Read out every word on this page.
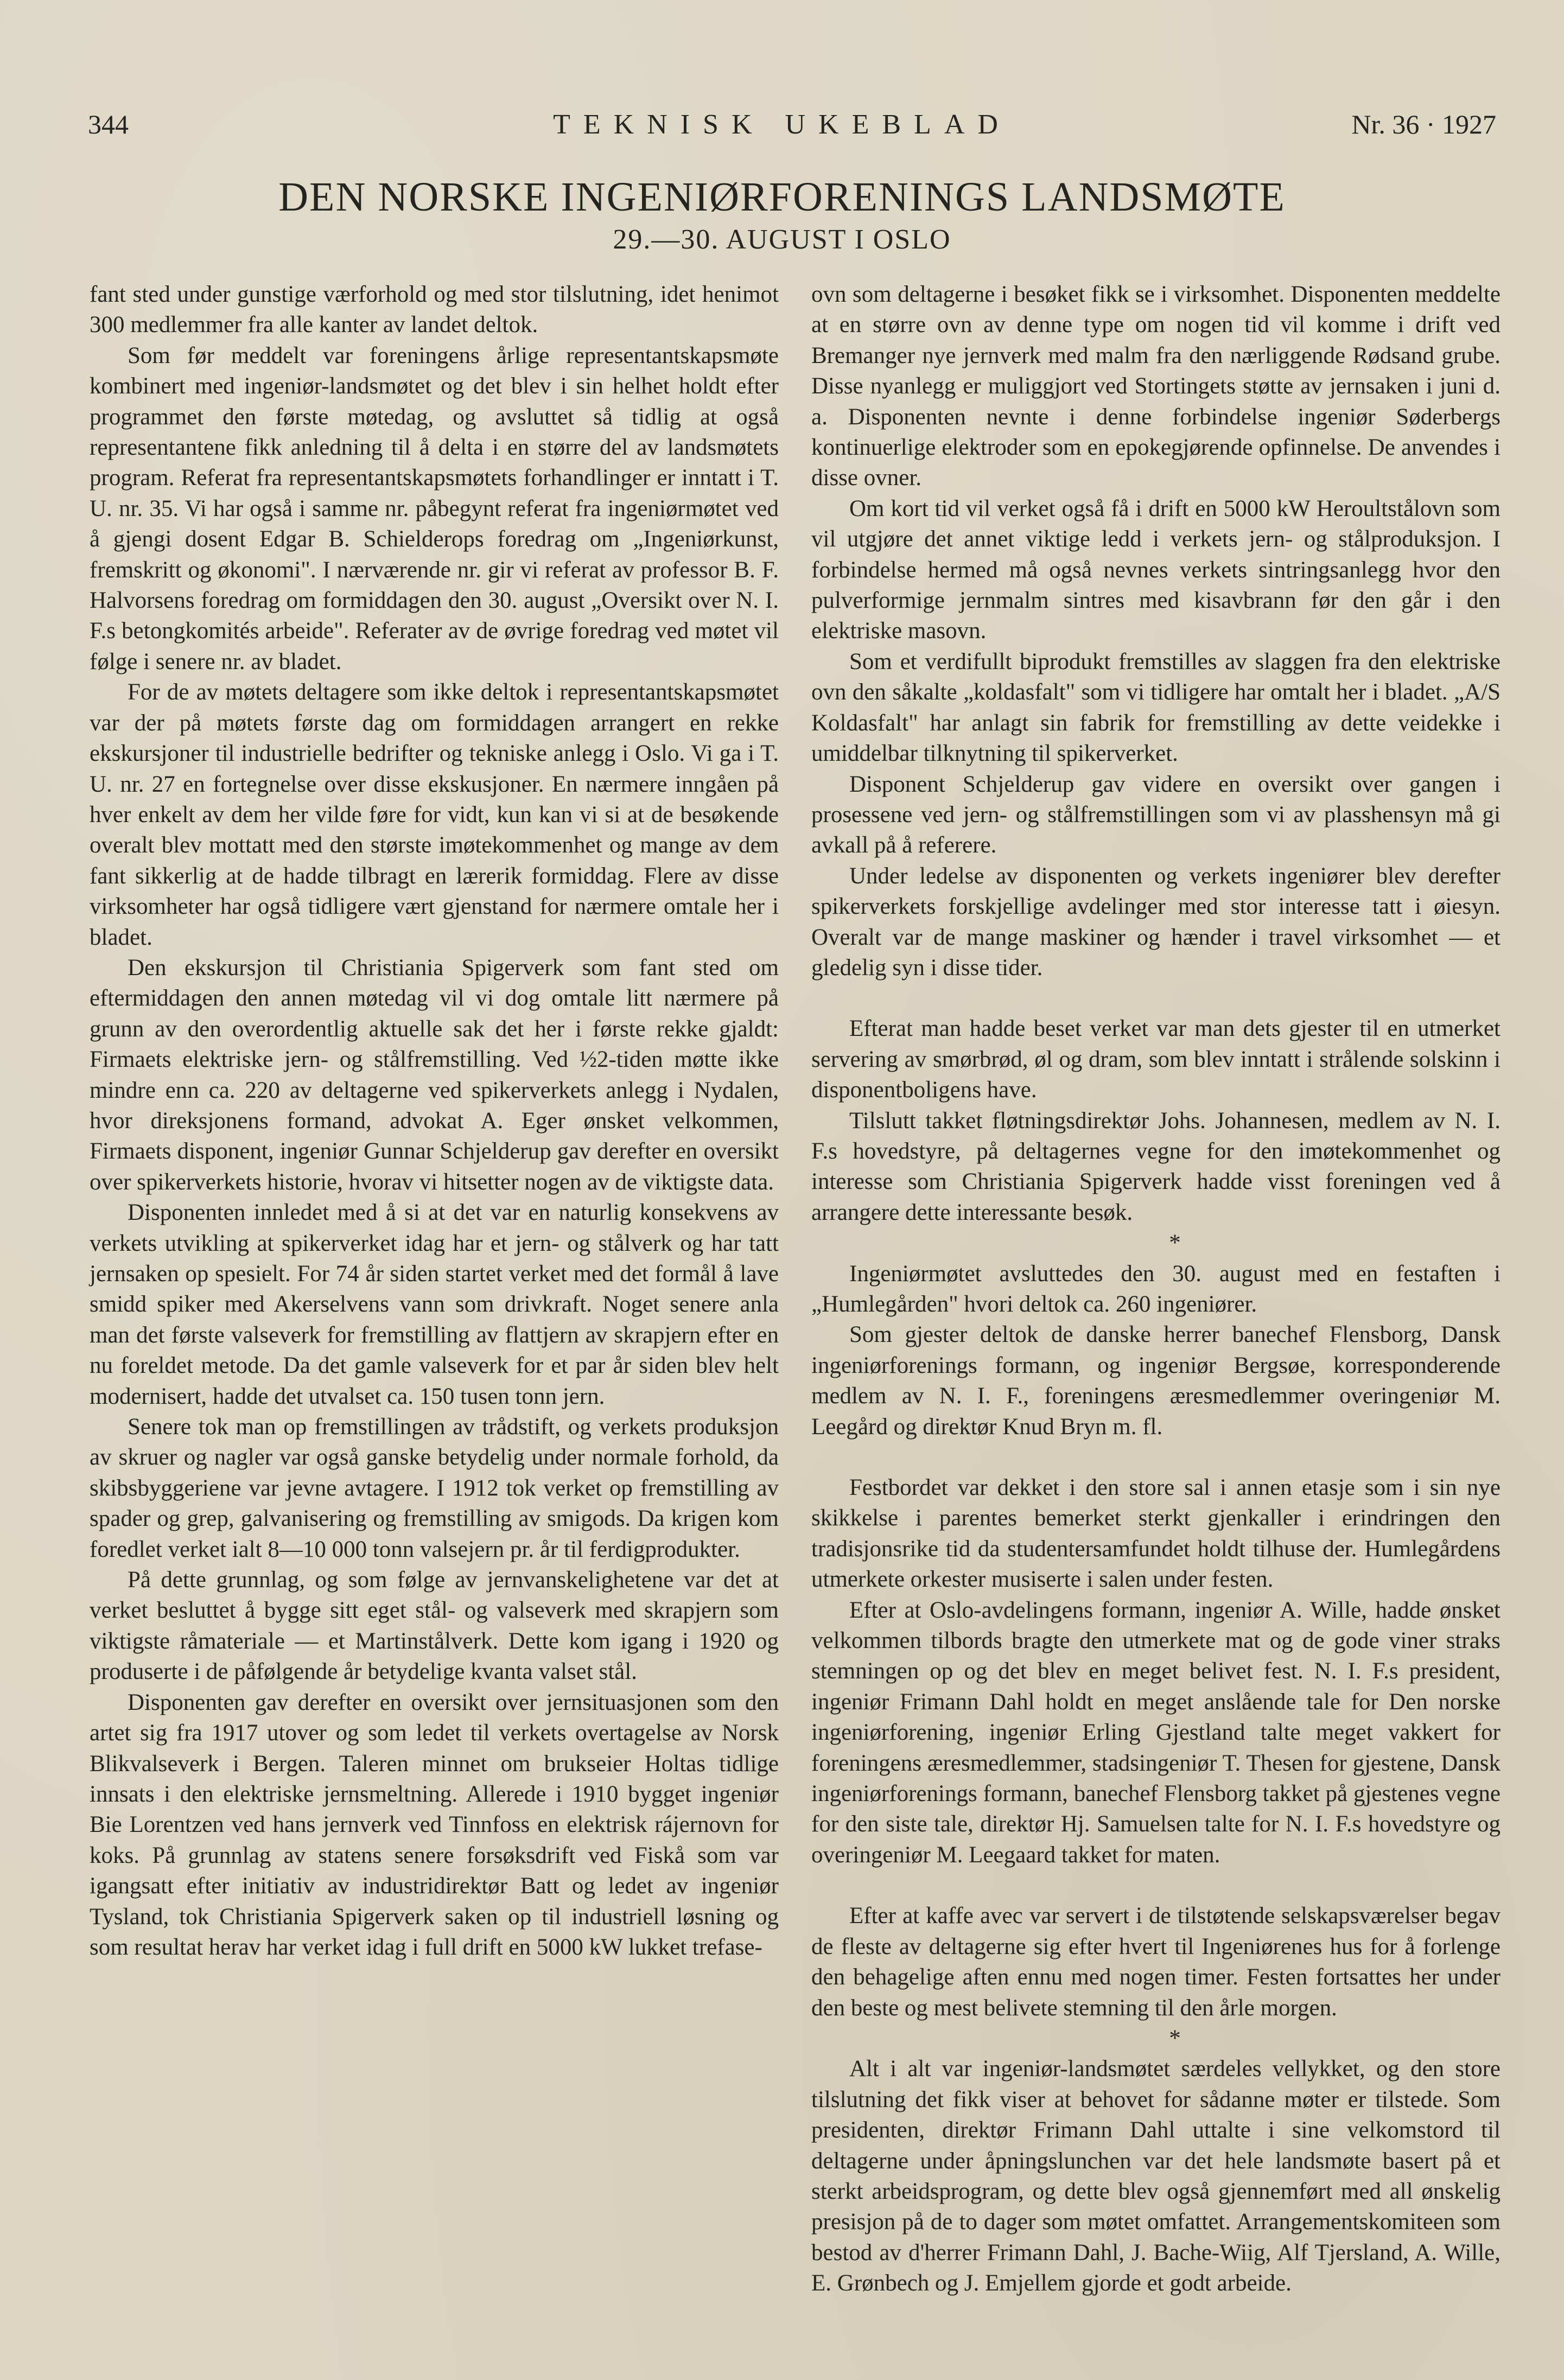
344	TEKNISK UKEBLAD	Nr. 36 · 1927
DEN NORSKE INGENIØRFORENINGS LANDSMØTE
29.—30. AUGUST I OSLO

fant sted under gunstige værforhold og med stor tilslutning, idet henimot 300 medlemmer fra alle kanter av landet deltok.

Som før meddelt var foreningens årlige representantskapsmøte kombinert med ingeniør-landsmøtet og det blev i sin helhet holdt efter programmet den første møtedag, og avsluttet så tidlig at også representantene fikk anledning til å delta i en større del av landsmøtets program. Referat fra representantskapsmøtets forhandlinger er inntatt i T. U. nr. 35. Vi har også i samme nr. påbegynt referat fra ingeniørmøtet ved å gjengi dosent Edgar B. Schielderops foredrag om „Ingeniørkunst, fremskritt og økonomi". I nærværende nr. gir vi referat av professor B. F. Halvorsens foredrag om formiddagen den 30. august „Oversikt over N. I. F.s betongkomités arbeide". Referater av de øvrige foredrag ved møtet vil følge i senere nr. av bladet.

For de av møtets deltagere som ikke deltok i representantskapsmøtet var der på møtets første dag om formiddagen arrangert en rekke ekskursjoner til industrielle bedrifter og tekniske anlegg i Oslo. Vi ga i T. U. nr. 27 en fortegnelse over disse ekskusjoner. En nærmere inngåen på hver enkelt av dem her vilde føre for vidt, kun kan vi si at de besøkende overalt blev mottatt med den største imøtekommenhet og mange av dem fant sikkerlig at de hadde tilbragt en lærerik formiddag. Flere av disse virksomheter har også tidligere vært gjenstand for nærmere omtale her i bladet.

Den ekskursjon til Christiania Spigerverk som fant sted om eftermiddagen den annen møtedag vil vi dog omtale litt nærmere på grunn av den overordentlig aktuelle sak det her i første rekke gjaldt: Firmaets elektriske jern- og stålfremstilling. Ved ½2-tiden møtte ikke mindre enn ca. 220 av deltagerne ved spikerverkets anlegg i Nydalen, hvor direksjonens formand, advokat A. Eger ønsket velkommen, Firmaets disponent, ingeniør Gunnar Schjelderup gav derefter en oversikt over spikerverkets historie, hvorav vi hitsetter nogen av de viktigste data.

Disponenten innledet med å si at det var en naturlig konsekvens av verkets utvikling at spikerverket idag har et jern- og stålverk og har tatt jernsaken op spesielt. For 74 år siden startet verket med det formål å lave smidd spiker med Akerselvens vann som drivkraft. Noget senere anla man det første valseverk for fremstilling av flattjern av skrapjern efter en nu foreldet metode. Da det gamle valseverk for et par år siden blev helt modernisert, hadde det utvalset ca. 150 tusen tonn jern.

Senere tok man op fremstillingen av trådstift, og verkets produksjon av skruer og nagler var også ganske betydelig under normale forhold, da skibsbyggeriene var jevne avtagere. I 1912 tok verket op fremstilling av spader og grep, galvanisering og fremstilling av smigods. Da krigen kom foredlet verket ialt 8—10 000 tonn valsejern pr. år til ferdigprodukter.

På dette grunnlag, og som følge av jernvanskelighetene var det at verket besluttet å bygge sitt eget stål- og valseverk med skrapjern som viktigste råmateriale — et Martinstålverk. Dette kom igang i 1920 og produserte i de påfølgende år betydelige kvanta valset stål.

Disponenten gav derefter en oversikt over jernsituasjonen som den artet sig fra 1917 utover og som ledet til verkets overtagelse av Norsk Blikvalseverk i Bergen. Taleren minnet om brukseier Holtas tidlige innsats i den elektriske jernsmeltning. Allerede i 1910 bygget ingeniør Bie Lorentzen ved hans jernverk ved Tinnfoss en elektrisk rájernovn for koks. På grunnlag av statens senere forsøksdrift ved Fiskå som var igangsatt efter initiativ av industridirektør Batt og ledet av ingeniør Tysland, tok Christiania Spigerverk saken op til industriell løsning og som resultat herav har verket idag i full drift en 5000 kW lukket trefase-

ovn som deltagerne i besøket fikk se i virksomhet. Disponenten meddelte at en større ovn av denne type om nogen tid vil komme i drift ved Bremanger nye jernverk med malm fra den nærliggende Rødsand grube. Disse nyanlegg er muliggjort ved Stortingets støtte av jernsaken i juni d. a. Disponenten nevnte i denne forbindelse ingeniør Søderbergs kontinuerlige elektroder som en epokegjørende opfinnelse. De anvendes i disse ovner.

Om kort tid vil verket også få i drift en 5000 kW Heroultstålovn som vil utgjøre det annet viktige ledd i verkets jern- og stålproduksjon. I forbindelse hermed må også nevnes verkets sintringsanlegg hvor den pulverformige jernmalm sintres med kisavbrann før den går i den elektriske masovn.

Som et verdifullt biprodukt fremstilles av slaggen fra den elektriske ovn den såkalte „koldasfalt" som vi tidligere har omtalt her i bladet. „A/S Koldasfalt" har anlagt sin fabrik for fremstilling av dette veidekke i umiddelbar tilknytning til spikerverket.

Disponent Schjelderup gav videre en oversikt over gangen i prosessene ved jern- og stålfremstillingen som vi av plasshensyn må gi avkall på å referere.

Under ledelse av disponenten og verkets ingeniører blev derefter spikerverkets forskjellige avdelinger med stor interesse tatt i øiesyn. Overalt var de mange maskiner og hænder i travel virksomhet — et gledelig syn i disse tider.

Efterat man hadde beset verket var man dets gjester til en utmerket servering av smørbrød, øl og dram, som blev inntatt i strålende solskinn i disponentboligens have.

Tilslutt takket fløtningsdirektør Johs. Johannesen, medlem av N. I. F.s hovedstyre, på deltagernes vegne for den imøtekommenhet og interesse som Christiania Spigerverk hadde visst foreningen ved å arrangere dette interessante besøk.

*

Ingeniørmøtet avsluttedes den 30. august med en festaften i „Humlegården" hvori deltok ca. 260 ingeniører.

Som gjester deltok de danske herrer banechef Flensborg, Dansk ingeniørforenings formann, og ingeniør Bergsøe, korresponderende medlem av N. I. F., foreningens æresmedlemmer overingeniør M. Leegård og direktør Knud Bryn m. fl.

Festbordet var dekket i den store sal i annen etasje som i sin nye skikkelse i parentes bemerket sterkt gjenkaller i erindringen den tradisjonsrike tid da studentersamfundet holdt tilhuse der. Humlegårdens utmerkete orkester musiserte i salen under festen.

Efter at Oslo-avdelingens formann, ingeniør A. Wille, hadde ønsket velkommen tilbords bragte den utmerkete mat og de gode viner straks stemningen op og det blev en meget belivet fest. N. I. F.s president, ingeniør Frimann Dahl holdt en meget anslående tale for Den norske ingeniørforening, ingeniør Erling Gjestland talte meget vakkert for foreningens æresmedlemmer, stadsingeniør T. Thesen for gjestene, Dansk ingeniørforenings formann, banechef Flensborg takket på gjestenes vegne for den siste tale, direktør Hj. Samuelsen talte for N. I. F.s hovedstyre og overingeniør M. Leegaard takket for maten.

Efter at kaffe avec var servert i de tilstøtende selskapsværelser begav de fleste av deltagerne sig efter hvert til Ingeniørenes hus for å forlenge den behagelige aften ennu med nogen timer. Festen fortsattes her under den beste og mest belivete stemning til den årle morgen.

*

Alt i alt var ingeniør-landsmøtet særdeles vellykket, og den store tilslutning det fikk viser at behovet for sådanne møter er tilstede. Som presidenten, direktør Frimann Dahl uttalte i sine velkomstord til deltagerne under åpningslunchen var det hele landsmøte basert på et sterkt arbeidsprogram, og dette blev også gjennemført med all ønskelig presisjon på de to dager som møtet omfattet. Arrangementskomiteen som bestod av d'herrer Frimann Dahl, J. Bache-Wiig, Alf Tjersland, A. Wille, E. Grønbech og J. Emjellem gjorde et godt arbeide.
